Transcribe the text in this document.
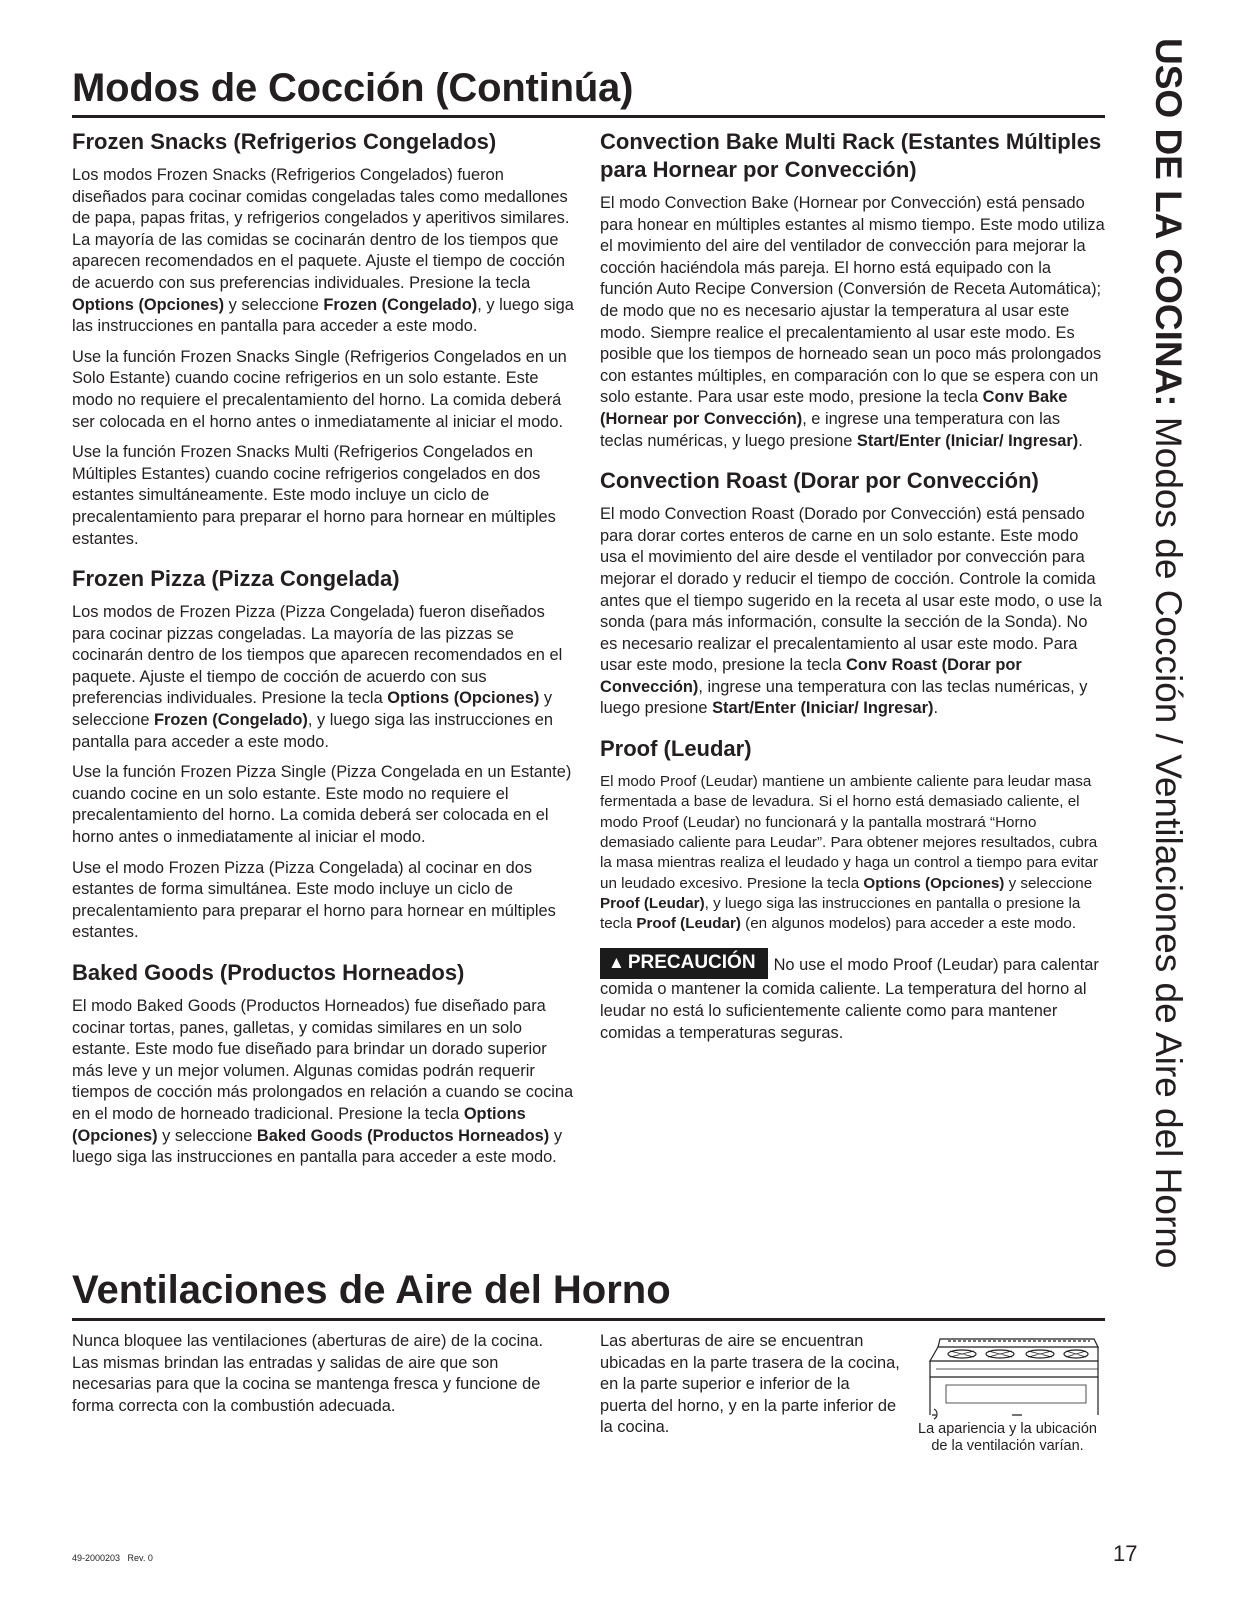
Modos de Cocción (Continúa)
Frozen Snacks (Refrigerios Congelados)

Los modos Frozen Snacks (Refrigerios Congelados) fueron diseñados para cocinar comidas congeladas tales como medallones de papa, papas fritas, y refrigerios congelados y aperitivos similares. La mayoría de las comidas se cocinarán dentro de los tiempos que aparecen recomendados en el paquete. Ajuste el tiempo de cocción de acuerdo con sus preferencias individuales. Presione la tecla Options (Opciones) y seleccione Frozen (Congelado), y luego siga las instrucciones en pantalla para acceder a este modo.

Use la función Frozen Snacks Single (Refrigerios Congelados en un Solo Estante) cuando cocine refrigerios en un solo estante. Este modo no requiere el precalentamiento del horno. La comida deberá ser colocada en el horno antes o inmediatamente al iniciar el modo.

Use la función Frozen Snacks Multi (Refrigerios Congelados en Múltiples Estantes) cuando cocine refrigerios congelados en dos estantes simultáneamente. Este modo incluye un ciclo de precalentamiento para preparar el horno para hornear en múltiples estantes.

Frozen Pizza (Pizza Congelada)

Los modos de Frozen Pizza (Pizza Congelada) fueron diseñados para cocinar pizzas congeladas. La mayoría de las pizzas se cocinarán dentro de los tiempos que aparecen recomendados en el paquete. Ajuste el tiempo de cocción de acuerdo con sus preferencias individuales. Presione la tecla Options (Opciones) y seleccione Frozen (Congelado), y luego siga las instrucciones en pantalla para acceder a este modo.

Use la función Frozen Pizza Single (Pizza Congelada en un Estante) cuando cocine en un solo estante. Este modo no requiere el precalentamiento del horno. La comida deberá ser colocada en el horno antes o inmediatamente al iniciar el modo.

Use el modo Frozen Pizza (Pizza Congelada) al cocinar en dos estantes de forma simultánea. Este modo incluye un ciclo de precalentamiento para preparar el horno para hornear en múltiples estantes.

Baked Goods (Productos Horneados)

El modo Baked Goods (Productos Horneados) fue diseñado para cocinar tortas, panes, galletas, y comidas similares en un solo estante. Este modo fue diseñado para brindar un dorado superior más leve y un mejor volumen. Algunas comidas podrán requerir tiempos de cocción más prolongados en relación a cuando se cocina en el modo de horneado tradicional. Presione la tecla Options (Opciones) y seleccione Baked Goods (Productos Horneados) y luego siga las instrucciones en pantalla para acceder a este modo.

Convection Bake Multi Rack (Estantes Múltiples para Hornear por Convección)

El modo Convection Bake (Hornear por Convección) está pensado para honear en múltiples estantes al mismo tiempo. Este modo utiliza el movimiento del aire del ventilador de convección para mejorar la cocción haciéndola más pareja. El horno está equipado con la función Auto Recipe Conversion (Conversión de Receta Automática); de modo que no es necesario ajustar la temperatura al usar este modo. Siempre realice el precalentamiento al usar este modo. Es posible que los tiempos de horneado sean un poco más prolongados con estantes múltiples, en comparación con lo que se espera con un solo estante. Para usar este modo, presione la tecla Conv Bake (Hornear por Convección), e ingrese una temperatura con las teclas numéricas, y luego presione Start/Enter (Iniciar/ Ingresar).

Convection Roast (Dorar por Convección)

El modo Convection Roast (Dorado por Convección) está pensado para dorar cortes enteros de carne en un solo estante. Este modo usa el movimiento del aire desde el ventilador por convección para mejorar el dorado y reducir el tiempo de cocción. Controle la comida antes que el tiempo sugerido en la receta al usar este modo, o use la sonda (para más información, consulte la sección de la Sonda). No es necesario realizar el precalentamiento al usar este modo. Para usar este modo, presione la tecla Conv Roast (Dorar por Convección), ingrese una temperatura con las teclas numéricas, y luego presione Start/Enter (Iniciar/ Ingresar).

Proof (Leudar)

El modo Proof (Leudar) mantiene un ambiente caliente para leudar masa fermentada a base de levadura. Si el horno está demasiado caliente, el modo Proof (Leudar) no funcionará y la pantalla mostrará “Horno demasiado caliente para Leudar”. Para obtener mejores resultados, cubra la masa mientras realiza el leudado y haga un control a tiempo para evitar un leudado excesivo. Presione la tecla Options (Opciones) y seleccione Proof (Leudar), y luego siga las instrucciones en pantalla o presione la tecla Proof (Leudar) (en algunos modelos) para acceder a este modo.

▲ PRECAUCIÓN No use el modo Proof (Leudar) para calentar comida o mantener la comida caliente. La temperatura del horno al leudar no está lo suficientemente caliente como para mantener comidas a temperaturas seguras.

Ventilaciones de Aire del Horno

Nunca bloquee las ventilaciones (aberturas de aire) de la cocina. Las mismas brindan las entradas y salidas de aire que son necesarias para que la cocina se mantenga fresca y funcione de forma correcta con la combustión adecuada.

Las aberturas de aire se encuentran ubicadas en la parte trasera de la cocina, en la parte superior e inferior de la puerta del horno, y en la parte inferior de la cocina.	La apariencia y la ubicación
de la ventilación varían.

USO DE LA COCINA: Modos de Cocción / Ventilaciones de Aire del Horno
49-2000203   Rev. 0	17
